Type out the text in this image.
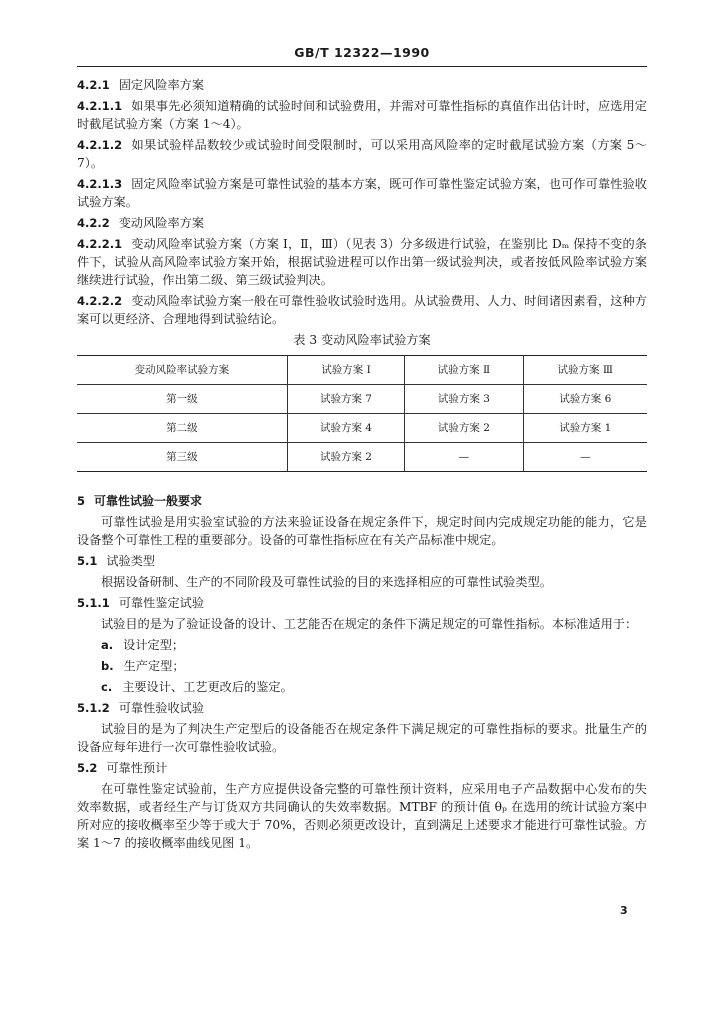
GB/T 12322—1990

4.2.1 固定风险率方案

4.2.1.1 如果事先必须知道精确的试验时间和试验费用，并需对可靠性指标的真值作出估计时，应选用定时截尾试验方案（方案 1～4）。

4.2.1.2 如果试验样品数较少或试验时间受限制时，可以采用高风险率的定时截尾试验方案（方案 5～7）。

4.2.1.3 固定风险率试验方案是可靠性试验的基本方案，既可作可靠性鉴定试验方案，也可作可靠性验收试验方案。

4.2.2 变动风险率方案

4.2.2.1 变动风险率试验方案（方案 Ⅰ，Ⅱ，Ⅲ）（见表 3）分多级进行试验，在鉴别比 Dₘ 保持不变的条件下，试验从高风险率试验方案开始，根据试验进程可以作出第一级试验判决，或者按低风险率试验方案继续进行试验，作出第二级、第三级试验判决。

4.2.2.2 变动风险率试验方案一般在可靠性验收试验时选用。从试验费用、人力、时间诸因素看，这种方案可以更经济、合理地得到试验结论。

表 3 变动风险率试验方案

变动风险率试验方案	试验方案 Ⅰ	试验方案 Ⅱ	试验方案 Ⅲ
第一级	试验方案 7	试验方案 3	试验方案 6
第二级	试验方案 4	试验方案 2	试验方案 1
第三级	试验方案 2	—	—

5 可靠性试验一般要求

可靠性试验是用实验室试验的方法来验证设备在规定条件下，规定时间内完成规定功能的能力，它是设备整个可靠性工程的重要部分。设备的可靠性指标应在有关产品标准中规定。

5.1 试验类型

根据设备研制、生产的不同阶段及可靠性试验的目的来选择相应的可靠性试验类型。

5.1.1 可靠性鉴定试验

试验目的是为了验证设备的设计、工艺能否在规定的条件下满足规定的可靠性指标。本标准适用于：

a. 设计定型；

b. 生产定型；

c. 主要设计、工艺更改后的鉴定。

5.1.2 可靠性验收试验

试验目的是为了判决生产定型后的设备能否在规定条件下满足规定的可靠性指标的要求。批量生产的设备应每年进行一次可靠性验收试验。

5.2 可靠性预计

在可靠性鉴定试验前，生产方应提供设备完整的可靠性预计资料，应采用电子产品数据中心发布的失效率数据，或者经生产与订货双方共同确认的失效率数据。MTBF 的预计值 θₚ 在选用的统计试验方案中所对应的接收概率至少等于或大于 70%，否则必须更改设计，直到满足上述要求才能进行可靠性试验。方案 1～7 的接收概率曲线见图 1。

3
